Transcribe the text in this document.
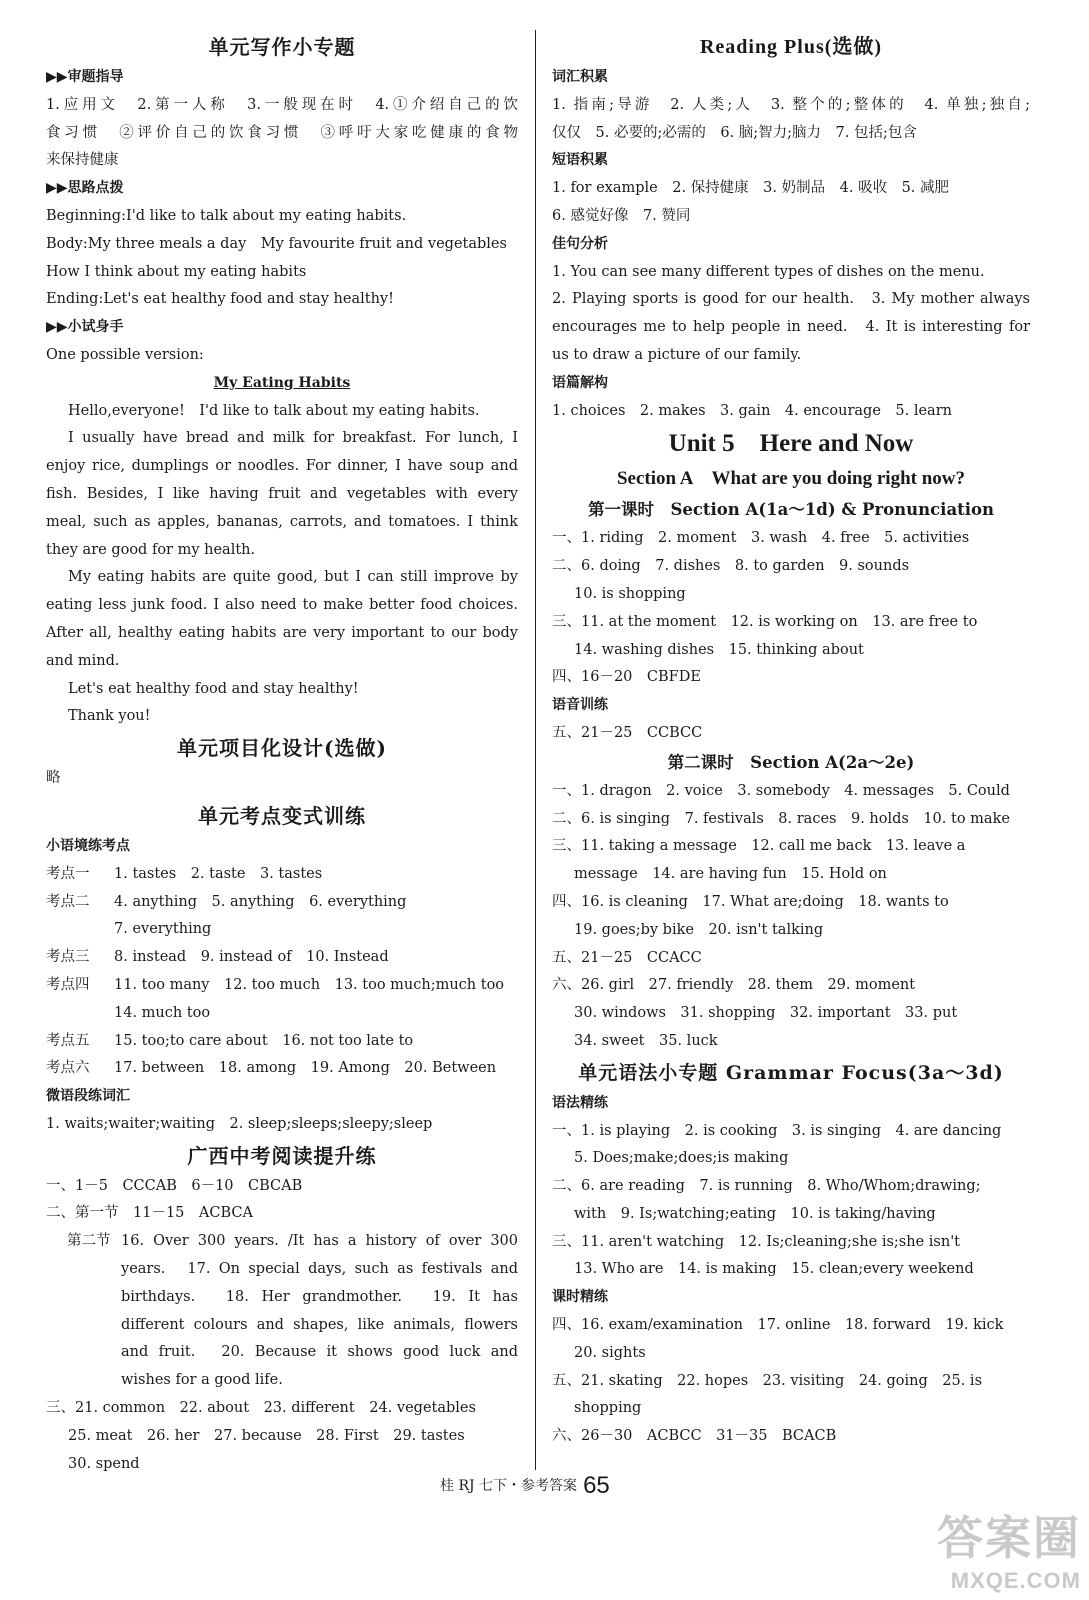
单元写作小专题
▶▶审题指导
1.应用文　2.第一人称　3.一般现在时　4.①介绍自己的饮
食习惯　②评价自己的饮食习惯　③呼吁大家吃健康的食物
来保持健康
▶▶思路点拨
Beginning:I'd like to talk about my eating habits.
Body:My three meals a day　My favourite fruit and vegetables
How I think about my eating habits
Ending:Let's eat healthy food and stay healthy!
▶▶小试身手
One possible version:
My Eating Habits
Hello,everyone!　I'd like to talk about my eating habits.
I usually have bread and milk for breakfast. For lunch, I
enjoy rice, dumplings or noodles. For dinner, I have soup and
fish. Besides, I like having fruit and vegetables with every
meal, such as apples, bananas, carrots, and tomatoes. I think
they are good for my health.
My eating habits are quite good, but I can still improve by
eating less junk food. I also need to make better food choices.
After all, healthy eating habits are very important to our body
and mind.
Let's eat healthy food and stay healthy!
Thank you!
单元项目化设计(选做)
略
单元考点变式训练
小语境练考点
考点一 1. tastes　2. taste　3. tastes
考点二 4. anything　5. anything　6. everything
7. everything
考点三 8. instead　9. instead of　10. Instead
考点四 11. too many　12. too much　13. too much;much too
14. much too
考点五 15. too;to care about　16. not too late to
考点六 17. between　18. among　19. Among　20. Between
微语段练词汇
1. waits;waiter;waiting　2. sleep;sleeps;sleepy;sleep
广西中考阅读提升练
一、1－5　CCCAB　6－10　CBCAB
二、第一节　11－15　ACBCA
第二节 16. Over 300 years. /It has a history of over 300
years.　17. On special days, such as festivals and
birthdays.　18. Her grandmother.　19. It has
different colours and shapes, like animals, flowers
and fruit.　20. Because it shows good luck and
wishes for a good life.
三、21. common　22. about　23. different　24. vegetables
25. meat　26. her　27. because　28. First　29. tastes
30. spend
Reading Plus(选做)
词汇积累
1. 指南;导游　2. 人类;人　3. 整个的;整体的　4. 单独;独自;
仅仅　5. 必要的;必需的　6. 脑;智力;脑力　7. 包括;包含
短语积累
1. for example　2. 保持健康　3. 奶制品　4. 吸收　5. 减肥
6. 感觉好像　7. 赞同
佳句分析
1. You can see many different types of dishes on the menu.
2. Playing sports is good for our health.　3. My mother always
encourages me to help people in need.　4. It is interesting for
us to draw a picture of our family.
语篇解构
1. choices　2. makes　3. gain　4. encourage　5. learn
Unit 5　Here and Now
Section A　What are you doing right now?
第一课时　Section A(1a～1d) & Pronunciation
一、1. riding　2. moment　3. wash　4. free　5. activities
二、6. doing　7. dishes　8. to garden　9. sounds
10. is shopping
三、11. at the moment　12. is working on　13. are free to
14. washing dishes　15. thinking about
四、16－20　CBFDE
语音训练
五、21－25　CCBCC
第二课时　Section A(2a～2e)
一、1. dragon　2. voice　3. somebody　4. messages　5. Could
二、6. is singing　7. festivals　8. races　9. holds　10. to make
三、11. taking a message　12. call me back　13. leave a
message　14. are having fun　15. Hold on
四、16. is cleaning　17. What are;doing　18. wants to
19. goes;by bike　20. isn't talking
五、21－25　CCACC
六、26. girl　27. friendly　28. them　29. moment
30. windows　31. shopping　32. important　33. put
34. sweet　35. luck
单元语法小专题 Grammar Focus(3a～3d)
语法精练
一、1. is playing　2. is cooking　3. is singing　4. are dancing
5. Does;make;does;is making
二、6. are reading　7. is running　8. Who/Whom;drawing;
with　9. Is;watching;eating　10. is taking/having
三、11. aren't watching　12. Is;cleaning;she is;she isn't
13. Who are　14. is making　15. clean;every weekend
课时精练
四、16. exam/examination　17. online　18. forward　19. kick
20. sights
五、21. skating　22. hopes　23. visiting　24. going　25. is
shopping
六、26－30　ACBCC　31－35　BCACB
桂 RJ 七下・参考答案 65
答案圈
MXQE.COM
